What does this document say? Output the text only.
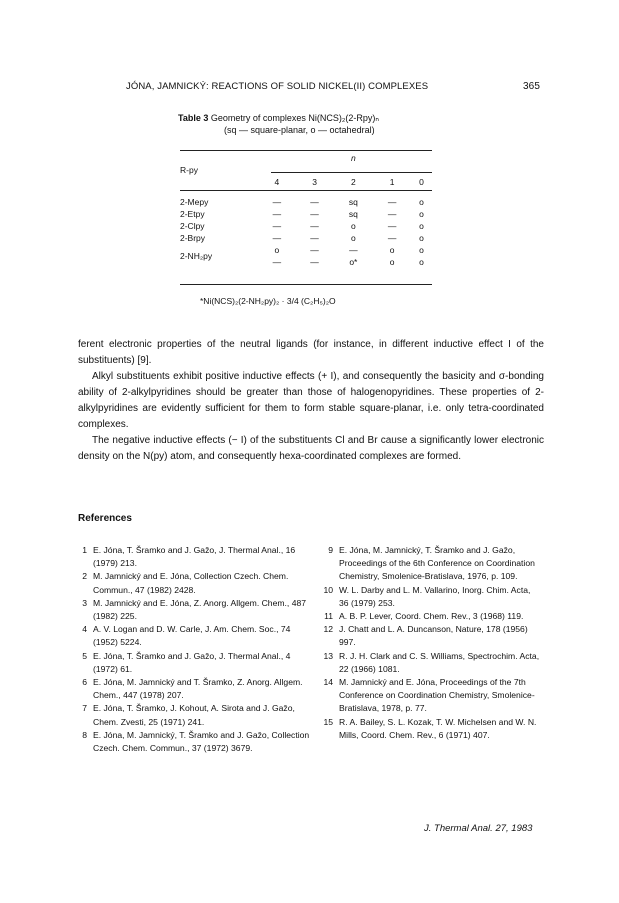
JÓNA, JAMNICKÝ: REACTIONS OF SOLID NICKEL(II) COMPLEXES	365
Table 3 Geometry of complexes Ni(NCS)₂(2-Rpy)ₙ
(sq — square-planar, o — octahedral)
			n		
R-py					
	4	3	2	1	0

2-Mepy	—	—	sq	—	o
2-Etpy	—	—	sq	—	o
2-Clpy	—	—	o	—	o
2-Brpy	—	—	o	—	o
2-NH₂py	o	—	—	o	o
	—	—	o*	o	o
*Ni(NCS)₂(2-NH₂py)₂ · 3/4 (C₂H₅)₂O

ferent electronic properties of the neutral ligands (for instance, in different inductive effect I of the substituents) [9].

Alkyl substituents exhibit positive inductive effects (+ I), and consequently the basicity and σ-bonding ability of 2-alkylpyridines should be greater than those of halogenopyridines. These properties of 2-alkylpyridines are evidently sufficient for them to form stable square-planar, i.e. only tetra-coordinated complexes.

The negative inductive effects (− I) of the substituents Cl and Br cause a significantly lower electronic density on the N(py) atom, and consequently hexa-coordinated complexes are formed.

References
1 E. Jóna, T. Šramko and J. Gažo, J. Thermal Anal., 16 (1979) 213.
2 M. Jamnický and E. Jóna, Collection Czech. Chem. Commun., 47 (1982) 2428.
3 M. Jamnický and E. Jóna, Z. Anorg. Allgem. Chem., 487 (1982) 225.
4 A. V. Logan and D. W. Carle, J. Am. Chem. Soc., 74 (1952) 5224.
5 E. Jóna, T. Šramko and J. Gažo, J. Thermal Anal., 4 (1972) 61.
6 E. Jóna, M. Jamnický and T. Šramko, Z. Anorg. Allgem. Chem., 447 (1978) 207.
7 E. Jóna, T. Šramko, J. Kohout, A. Sirota and J. Gažo, Chem. Zvesti, 25 (1971) 241.
8 E. Jóna, M. Jamnický, T. Šramko and J. Gažo, Collection Czech. Chem. Commun., 37 (1972) 3679.
9 E. Jóna, M. Jamnický, T. Šramko and J. Gažo, Proceedings of the 6th Conference on Coordination Chemistry, Smolenice-Bratislava, 1976, p. 109.
10 W. L. Darby and L. M. Vallarino, Inorg. Chim. Acta, 36 (1979) 253.
11 A. B. P. Lever, Coord. Chem. Rev., 3 (1968) 119.
12 J. Chatt and L. A. Duncanson, Nature, 178 (1956) 997.
13 R. J. H. Clark and C. S. Williams, Spectrochim. Acta, 22 (1966) 1081.
14 M. Jamnický and E. Jóna, Proceedings of the 7th Conference on Coordination Chemistry, Smolenice-Bratislava, 1978, p. 77.
15 R. A. Bailey, S. L. Kozak, T. W. Michelsen and W. N. Mills, Coord. Chem. Rev., 6 (1971) 407.
J. Thermal Anal. 27, 1983
